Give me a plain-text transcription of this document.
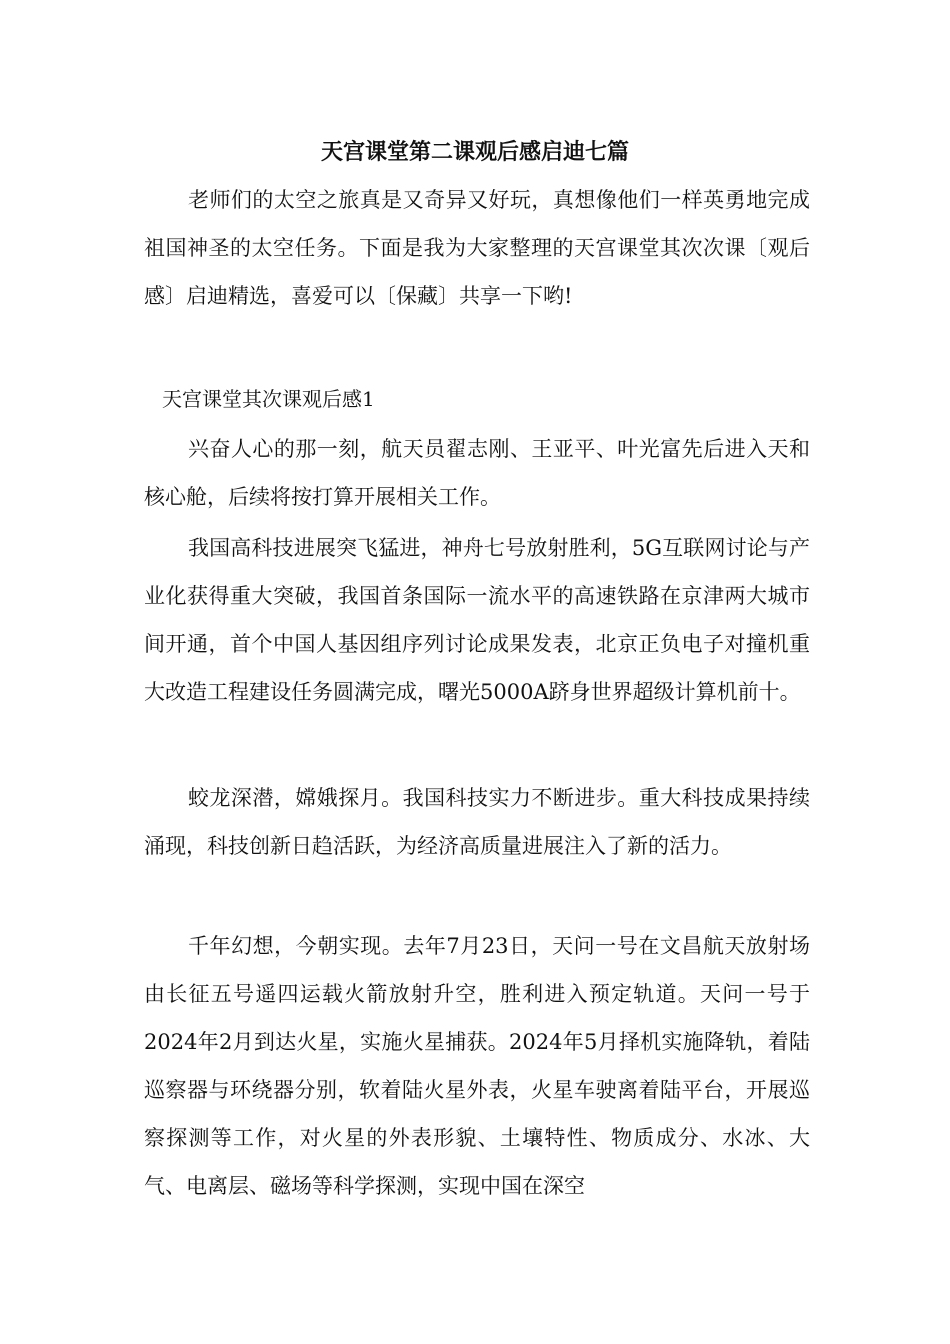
天宫课堂第二课观后感启迪七篇

老师们的太空之旅真是又奇异又好玩，真想像他们一样英勇地完成祖国神圣的太空任务。下面是我为大家整理的天宫课堂其次次课〔观后感〕启迪精选，喜爱可以〔保藏〕共享一下哟!

天宫课堂其次课观后感1

兴奋人心的那一刻，航天员翟志刚、王亚平、叶光富先后进入天和核心舱，后续将按打算开展相关工作。

我国高科技进展突飞猛进，神舟七号放射胜利，5G互联网讨论与产业化获得重大突破，我国首条国际一流水平的高速铁路在京津两大城市间开通，首个中国人基因组序列讨论成果发表，北京正负电子对撞机重大改造工程建设任务圆满完成，曙光5000A跻身世界超级计算机前十。

蛟龙深潜，嫦娥探月。我国科技实力不断进步。重大科技成果持续涌现，科技创新日趋活跃，为经济高质量进展注入了新的活力。

千年幻想，今朝实现。去年7月23日，天问一号在文昌航天放射场由长征五号遥四运载火箭放射升空，胜利进入预定轨道。天问一号于2024年2月到达火星，实施火星捕获。2024年5月择机实施降轨，着陆巡察器与环绕器分别，软着陆火星外表，火星车驶离着陆平台，开展巡察探测等工作，对火星的外表形貌、土壤特性、物质成分、水冰、大气、电离层、磁场等科学探测，实现中国在深空
